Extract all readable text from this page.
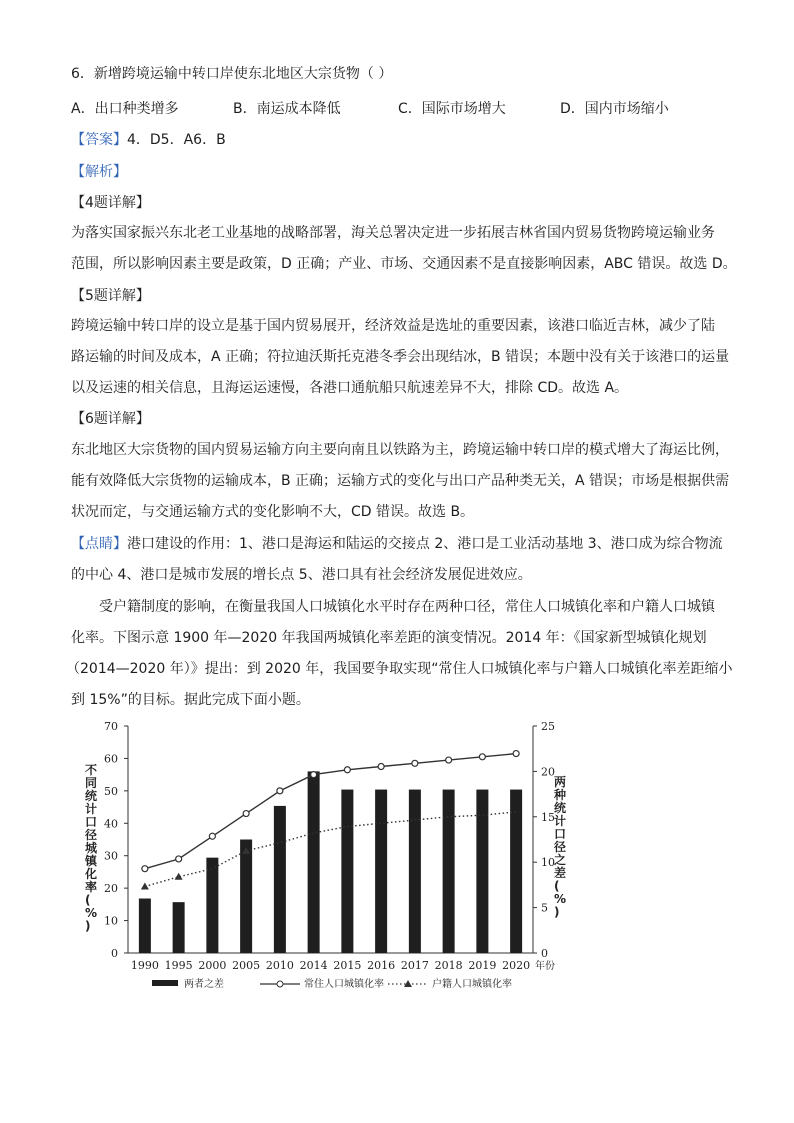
6．新增跨境运输中转口岸使东北地区大宗货物（ ）
A．出口种类增多	B．南运成本降低	C．国际市场增大	D．国内市场缩小
【答案】4．D5．A6．B
【解析】
【4题详解】
为落实国家振兴东北老工业基地的战略部署，海关总署决定进一步拓展吉林省国内贸易货物跨境运输业务
范围，所以影响因素主要是政策，D 正确；产业、市场、交通因素不是直接影响因素，ABC 错误。故选 D。
【5题详解】
跨境运输中转口岸的设立是基于国内贸易展开，经济效益是选址的重要因素，该港口临近吉林，减少了陆
路运输的时间及成本，A 正确；符拉迪沃斯托克港冬季会出现结冰，B 错误；本题中没有关于该港口的运量
以及运速的相关信息，且海运运速慢，各港口通航船只航速差异不大，排除 CD。故选 A。
【6题详解】
东北地区大宗货物的国内贸易运输方向主要向南且以铁路为主，跨境运输中转口岸的模式增大了海运比例，
能有效降低大宗货物的运输成本，B 正确；运输方式的变化与出口产品种类无关，A 错误；市场是根据供需
状况而定，与交通运输方式的变化影响不大，CD 错误。故选 B。
【点睛】港口建设的作用：1、港口是海运和陆运的交接点 2、港口是工业活动基地 3、港口成为综合物流
的中心 4、港口是城市发展的增长点 5、港口具有社会经济发展促进效应。
受户籍制度的影响，在衡量我国人口城镇化水平时存在两种口径，常住人口城镇化率和户籍人口城镇
化率。下图示意 1900 年—2020 年我国两城镇化率差距的演变情况。2014 年：《国家新型城镇化规划
（2014—2020 年）》提出：到 2020 年，我国要争取实现“常住人口城镇化率与户籍人口城镇化率差距缩小
到 15%”的目标。据此完成下面小题。
0
10
20
30
40
50
60
70
0
5
10
15
20
25
不
同
统
计
口
径
城
镇
化
率
(
%
)
两
种
统
计
口
径
之
差
(
%
)
1990 1995 2000 2005 2010 2014 2015 2016 2017 2018 2019 2020 年份
两者之差	常住人口城镇化率	户籍人口城镇化率
